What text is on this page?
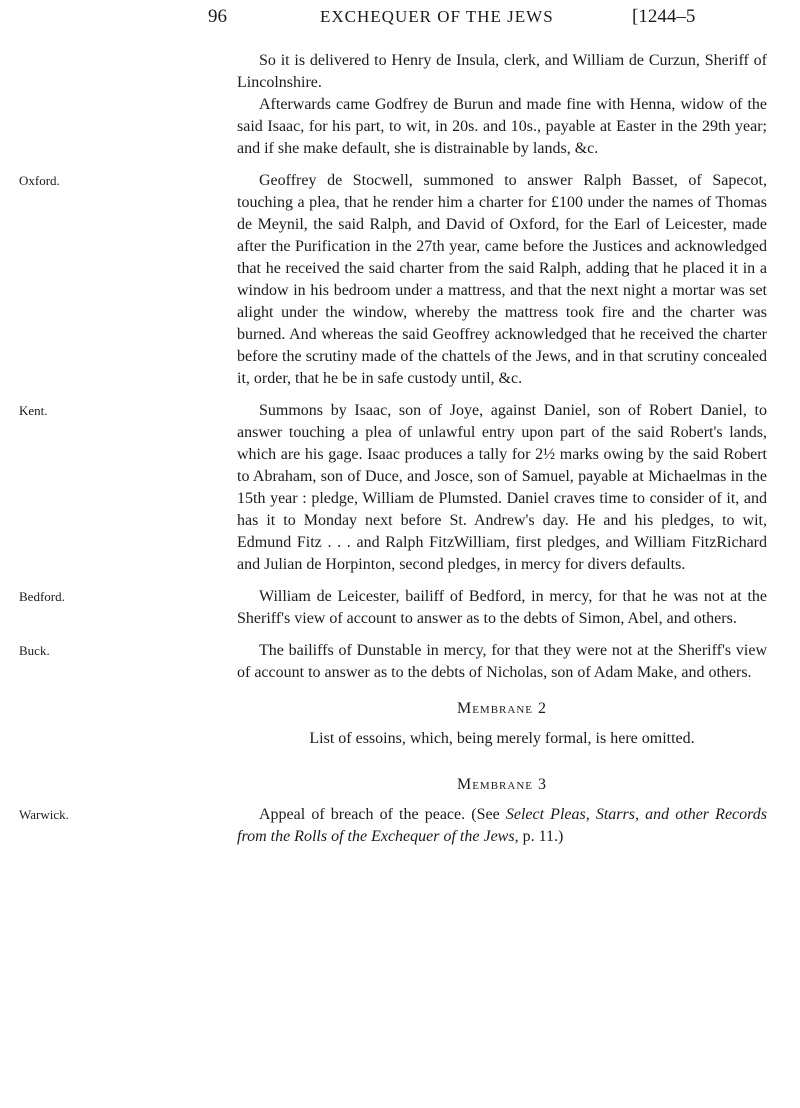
96	EXCHEQUER OF THE JEWS	[1244–5

So it is delivered to Henry de Insula, clerk, and William de Curzun, Sheriff of Lincolnshire.

Afterwards came Godfrey de Burun and made fine with Henna, widow of the said Isaac, for his part, to wit, in 20s. and 10s., payable at Easter in the 29th year; and if she make default, she is distrainable by lands, &c.

Oxford.	Geoffrey de Stocwell, summoned to answer Ralph Basset, of Sapecot, touching a plea, that he render him a charter for £100 under the names of Thomas de Meynil, the said Ralph, and David of Oxford, for the Earl of Leicester, made after the Purification in the 27th year, came before the Justices and acknowledged that he received the said charter from the said Ralph, adding that he placed it in a window in his bedroom under a mattress, and that the next night a mortar was set alight under the window, whereby the mattress took fire and the charter was burned. And whereas the said Geoffrey acknowledged that he received the charter before the scrutiny made of the chattels of the Jews, and in that scrutiny concealed it, order, that he be in safe custody until, &c.

Kent.	Summons by Isaac, son of Joye, against Daniel, son of Robert Daniel, to answer touching a plea of unlawful entry upon part of the said Robert's lands, which are his gage. Isaac produces a tally for 2½ marks owing by the said Robert to Abraham, son of Duce, and Josce, son of Samuel, payable at Michaelmas in the 15th year : pledge, William de Plumsted. Daniel craves time to consider of it, and has it to Monday next before St. Andrew's day. He and his pledges, to wit, Edmund Fitz . . . and Ralph FitzWilliam, first pledges, and William FitzRichard and Julian de Horpinton, second pledges, in mercy for divers defaults.

Bedford.	William de Leicester, bailiff of Bedford, in mercy, for that he was not at the Sheriff's view of account to answer as to the debts of Simon, Abel, and others.

Buck.	The bailiffs of Dunstable in mercy, for that they were not at the Sheriff's view of account to answer as to the debts of Nicholas, son of Adam Make, and others.

Membrane 2

List of essoins, which, being merely formal, is here omitted.

Membrane 3

Warwick.	Appeal of breach of the peace. (See Select Pleas, Starrs, and other Records from the Rolls of the Exchequer of the Jews, p. 11.)
